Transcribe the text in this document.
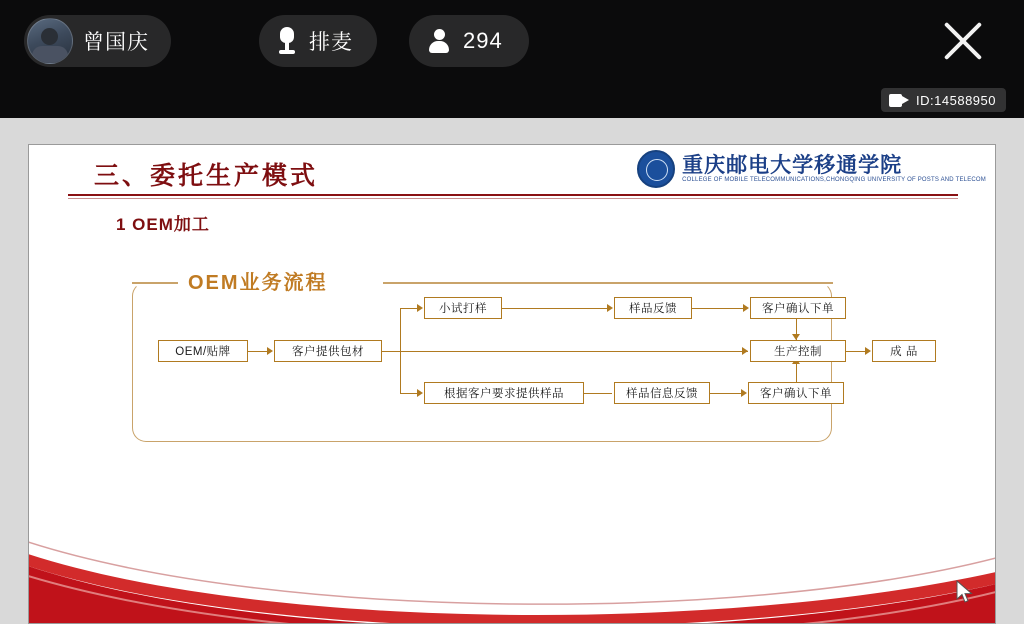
曾国庆	排麦	294
ID:14588950
三、委托生产模式	重庆邮电大学移通学院
COLLEGE OF MOBILE TELECOMMUNICATIONS,CHONGQING UNIVERSITY OF POSTS AND TELECOM
1 OEM加工
OEM业务流程
OEM/贴牌	客户提供包材
小试打样	样品反馈	客户确认下单
根据客户要求提供样品	样品信息反馈	客户确认下单
生产控制	成 品
